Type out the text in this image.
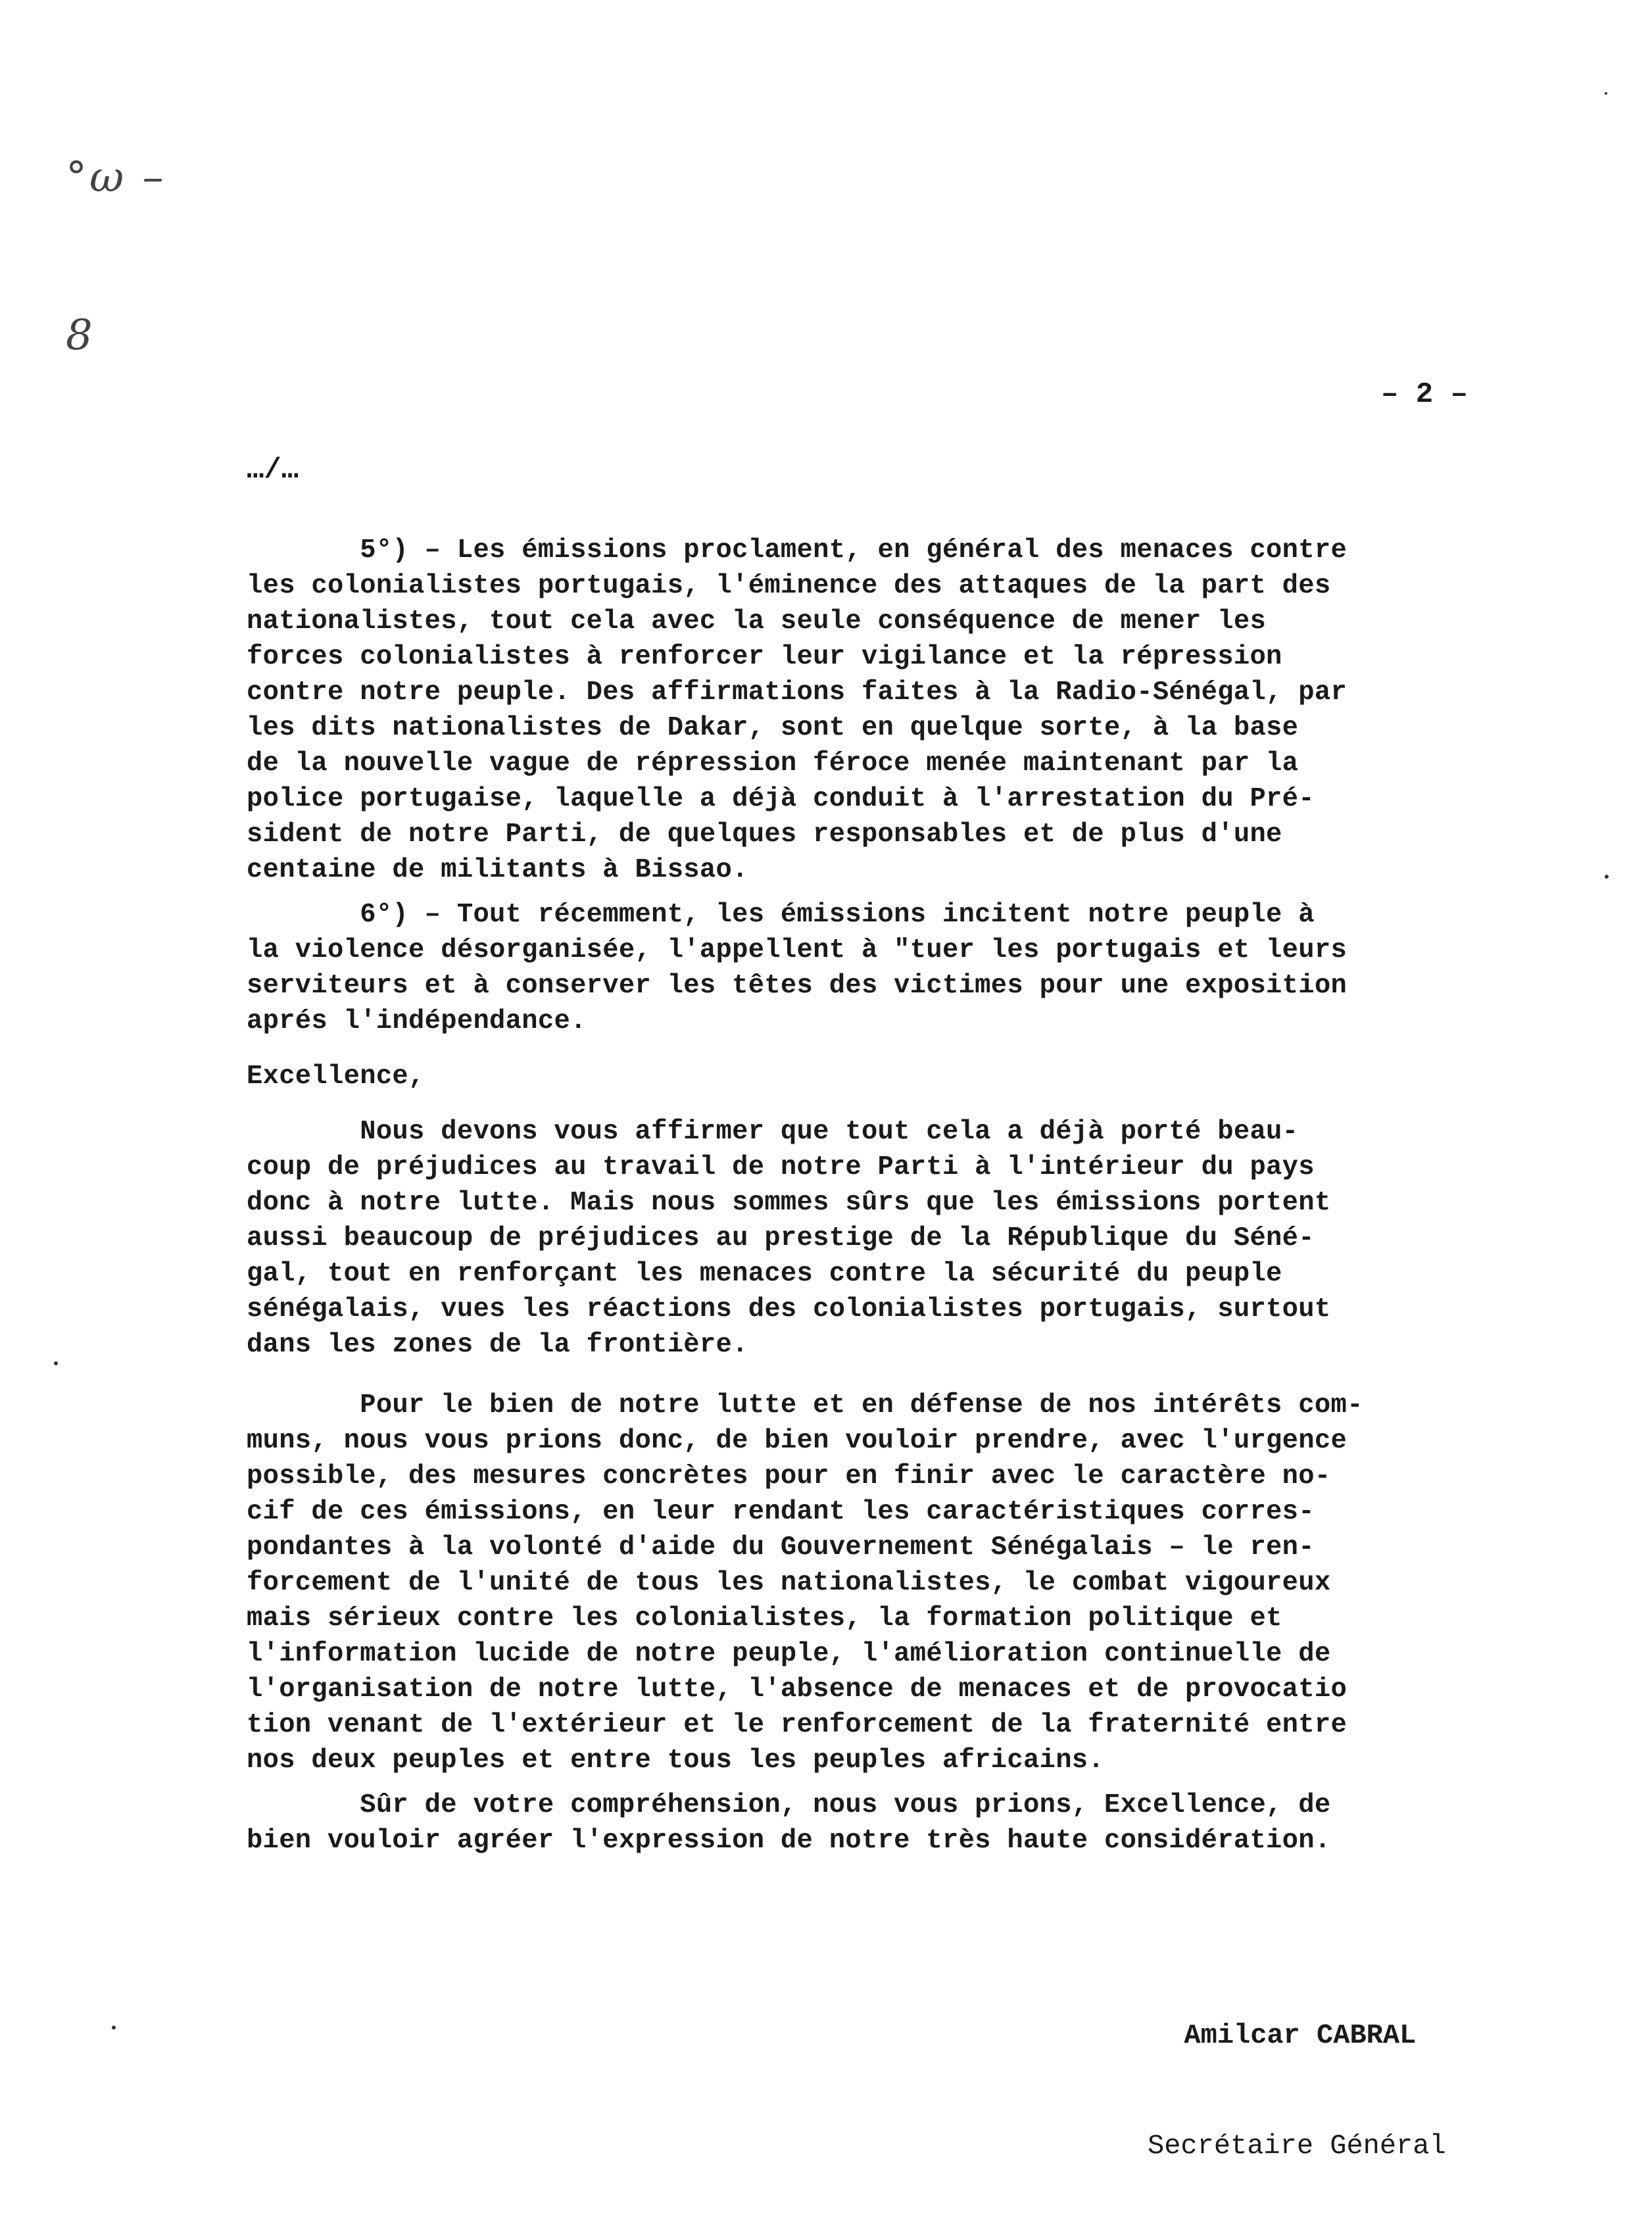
°ω –

8

– 2 –
…/…

5°) – Les émissions proclament, en général des menaces contre

les colonialistes portugais, l'éminence des attaques de la part des

nationalistes, tout cela avec la seule conséquence de mener les

forces colonialistes à renforcer leur vigilance et la répression

contre notre peuple. Des affirmations faites à la Radio-Sénégal, par

les dits nationalistes de Dakar, sont en quelque sorte, à la base

de la nouvelle vague de répression féroce menée maintenant par la

police portugaise, laquelle a déjà conduit à l'arrestation du Pré-

sident de notre Parti, de quelques responsables et de plus d'une

centaine de militants à Bissao.

6°) – Tout récemment, les émissions incitent notre peuple à

la violence désorganisée, l'appellent à "tuer les portugais et leurs

serviteurs et à conserver les têtes des victimes pour une exposition

aprés l'indépendance.

Excellence,

Nous devons vous affirmer que tout cela a déjà porté beau-

coup de préjudices au travail de notre Parti à l'intérieur du pays

donc à notre lutte. Mais nous sommes sûrs que les émissions portent

aussi beaucoup de préjudices au prestige de la République du Séné-

gal, tout en renforçant les menaces contre la sécurité du peuple

sénégalais, vues les réactions des colonialistes portugais, surtout

dans les zones de la frontière.

Pour le bien de notre lutte et en défense de nos intérêts com-

muns, nous vous prions donc, de bien vouloir prendre, avec l'urgence

possible, des mesures concrètes pour en finir avec le caractère no-

cif de ces émissions, en leur rendant les caractéristiques corres-

pondantes à la volonté d'aide du Gouvernement Sénégalais – le ren-

forcement de l'unité de tous les nationalistes, le combat vigoureux

mais sérieux contre les colonialistes, la formation politique et

l'information lucide de notre peuple, l'amélioration continuelle de

l'organisation de notre lutte, l'absence de menaces et de provocatio

tion venant de l'extérieur et le renforcement de la fraternité entre

nos deux peuples et entre tous les peuples africains.

Sûr de votre compréhension, nous vous prions, Excellence, de

bien vouloir agréer l'expression de notre très haute considération.

Amilcar CABRAL

Secrétaire Général
